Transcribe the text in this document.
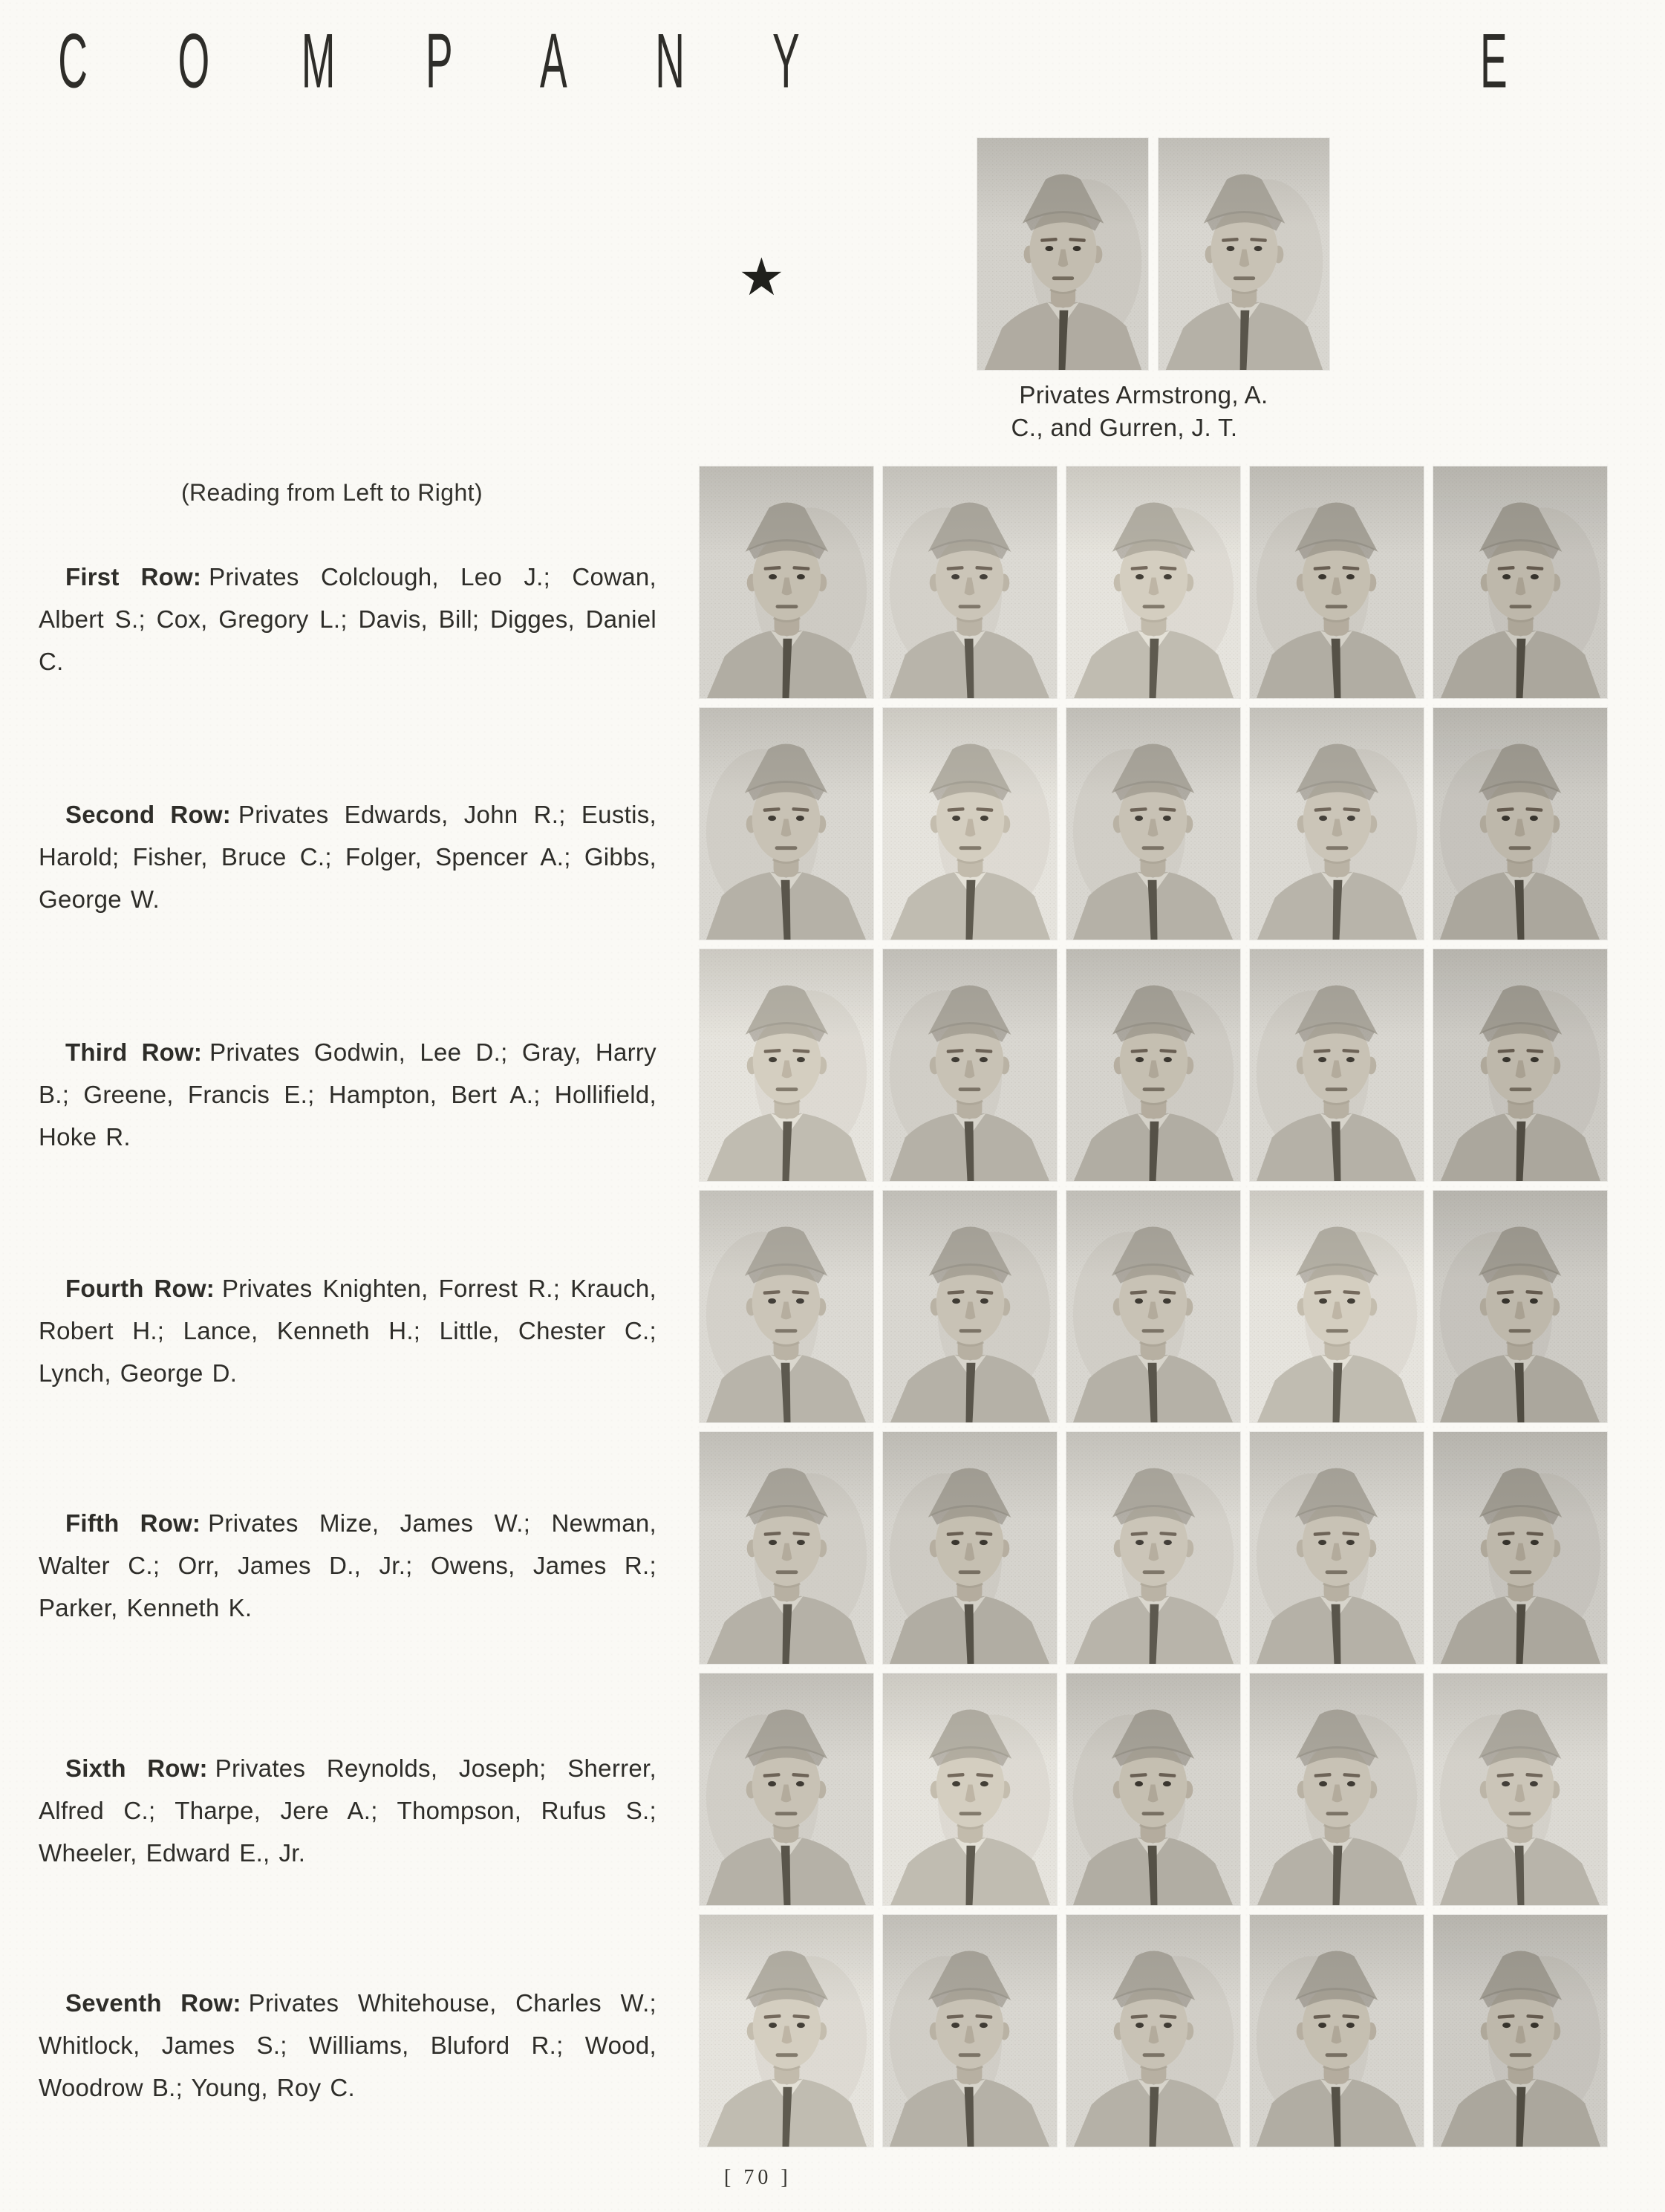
C O M P A N Y	E
★
Privates Armstrong, A.
C., and Gurren, J. T.
(Reading from Left to Right)

First Row: Privates Colclough, Leo J.; Cowan, Albert S.; Cox, Gregory L.; Davis, Bill; Digges, Daniel C.

Second Row: Privates Edwards, John R.; Eustis, Harold; Fisher, Bruce C.; Folger, Spencer A.; Gibbs, George W.

Third Row: Privates Godwin, Lee D.; Gray, Harry B.; Greene, Francis E.; Hampton, Bert A.; Hollifield, Hoke R.

Fourth Row: Privates Knighten, Forrest R.; Krauch, Robert H.; Lance, Kenneth H.; Little, Chester C.; Lynch, George D.

Fifth Row: Privates Mize, James W.; Newman, Walter C.; Orr, James D., Jr.; Owens, James R.; Parker, Kenneth K.

Sixth Row: Privates Reynolds, Joseph; Sherrer, Alfred C.; Tharpe, Jere A.; Thompson, Rufus S.; Wheeler, Edward E., Jr.

Seventh Row: Privates Whitehouse, Charles W.; Whitlock, James S.; Williams, Bluford R.; Wood, Woodrow B.; Young, Roy C.

[ 70 ]
